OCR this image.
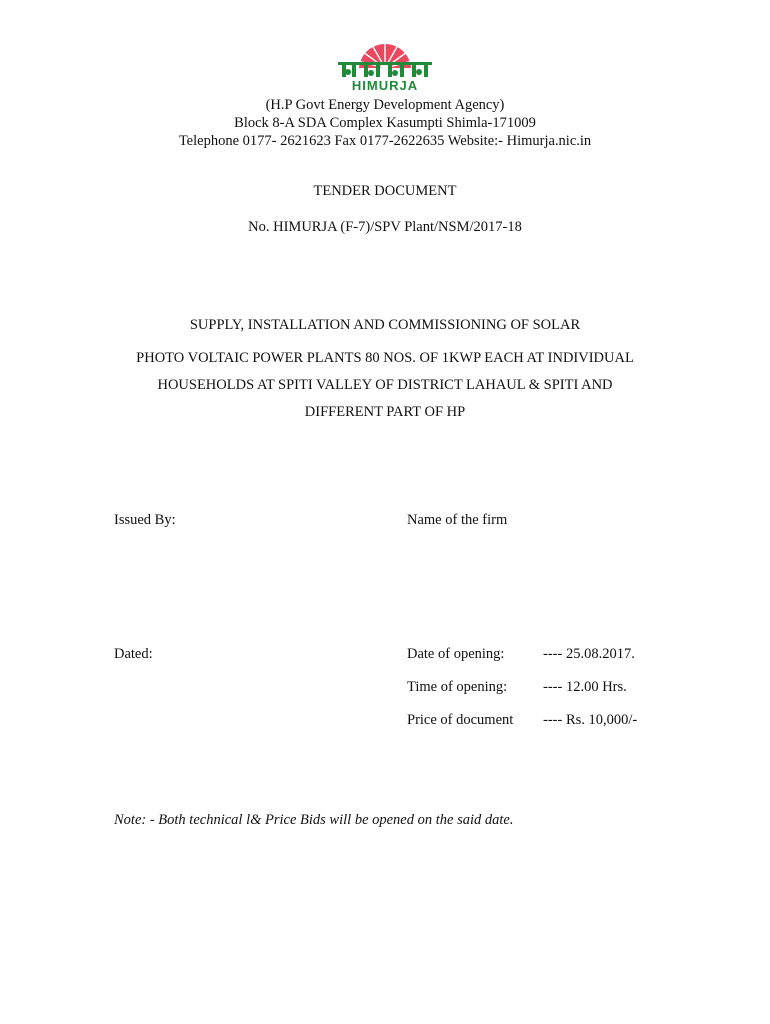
HIMURJA
(H.P Govt Energy Development Agency)
Block 8-A SDA Complex Kasumpti Shimla-171009
Telephone 0177- 2621623 Fax 0177-2622635 Website:- Himurja.nic.in
TENDER DOCUMENT
No. HIMURJA (F-7)/SPV Plant/NSM/2017-18
SUPPLY, INSTALLATION AND COMMISSIONING OF SOLAR
PHOTO VOLTAIC POWER PLANTS 80 NOS. OF 1KWP EACH AT INDIVIDUAL
HOUSEHOLDS AT SPITI VALLEY OF DISTRICT LAHAUL & SPITI AND
DIFFERENT PART OF HP
Issued By:	Name of the firm
Dated:	Date of opening:	---- 25.08.2017.
Time of opening: ---- 12.00 Hrs.
Price of document ---- Rs. 10,000/-
Note: - Both technical l& Price Bids will be opened on the said date.
